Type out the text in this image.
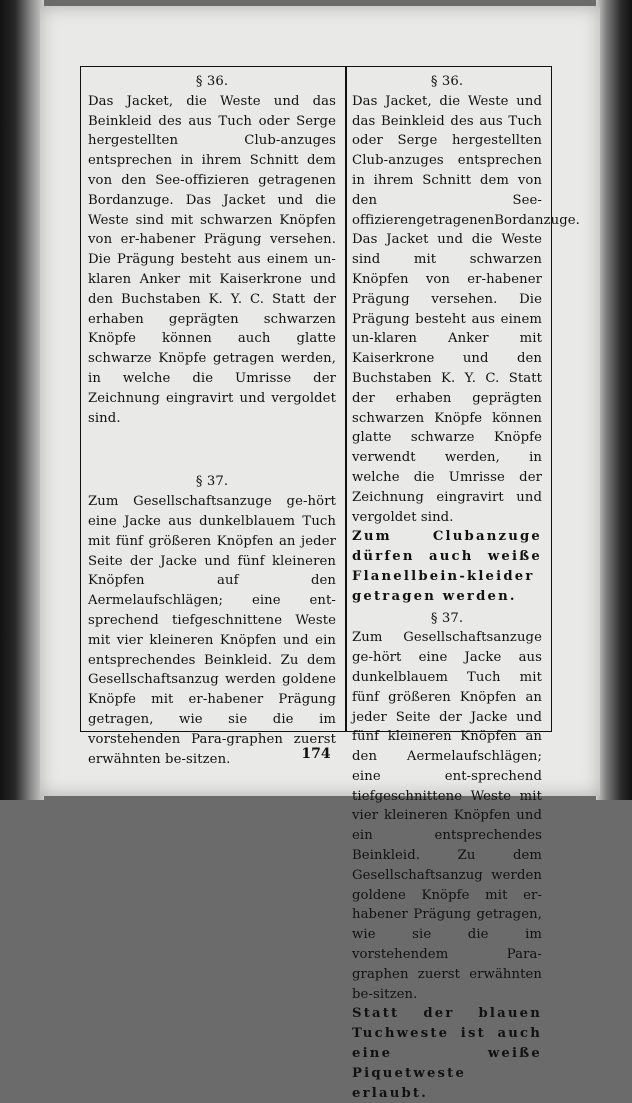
§ 36.

Das Jacket, die Weste und das Beinkleid des aus Tuch oder Serge hergestellten Club-anzuges entsprechen in ihrem Schnitt dem von den See-offizieren getragenen Bordanzuge. Das Jacket und die Weste sind mit schwarzen Knöpfen von er-habener Prägung versehen. Die Prägung besteht aus einem un-klaren Anker mit Kaiserkrone und den Buchstaben K. Y. C. Statt der erhaben geprägten schwarzen Knöpfe können auch glatte schwarze Knöpfe getragen werden, in welche die Umrisse der Zeichnung eingravirt und vergoldet sind.

§ 37.

Zum Gesellschaftsanzuge ge-hört eine Jacke aus dunkelblauem Tuch mit fünf größeren Knöpfen an jeder Seite der Jacke und fünf kleineren Knöpfen auf den Aermelaufschlägen; eine ent-sprechend tiefgeschnittene Weste mit vier kleineren Knöpfen und ein entsprechendes Beinkleid. Zu dem Gesellschaftsanzug werden goldene Knöpfe mit er-habener Prägung getragen, wie sie die im vorstehenden Para-graphen zuerst erwähnten be-sitzen.

§ 36.

Das Jacket, die Weste und das Beinkleid des aus Tuch oder Serge hergestellten Club-anzuges entsprechen in ihrem Schnitt dem von den See-offizierengetragenenBordanzuge. Das Jacket und die Weste sind mit schwarzen Knöpfen von er-habener Prägung versehen. Die Prägung besteht aus einem un-klaren Anker mit Kaiserkrone und den Buchstaben K. Y. C. Statt der erhaben geprägten schwarzen Knöpfe können glatte schwarze Knöpfe verwendt werden, in welche die Umrisse der Zeichnung eingravirt und vergoldet sind.

Zum Clubanzuge dürfen auch weiße Flanellbein-kleider getragen werden.

§ 37.

Zum Gesellschaftsanzuge ge-hört eine Jacke aus dunkelblauem Tuch mit fünf größeren Knöpfen an jeder Seite der Jacke und fünf kleineren Knöpfen an den Aermelaufschlägen; eine ent-sprechend tiefgeschnittene Weste mit vier kleineren Knöpfen und ein entsprechendes Beinkleid. Zu dem Gesellschaftsanzug werden goldene Knöpfe mit er-habener Prägung getragen, wie sie die im vorstehendem Para-graphen zuerst erwähnten be-sitzen.

Statt der blauen Tuchweste ist auch eine weiße Piquetweste erlaubt.

174
